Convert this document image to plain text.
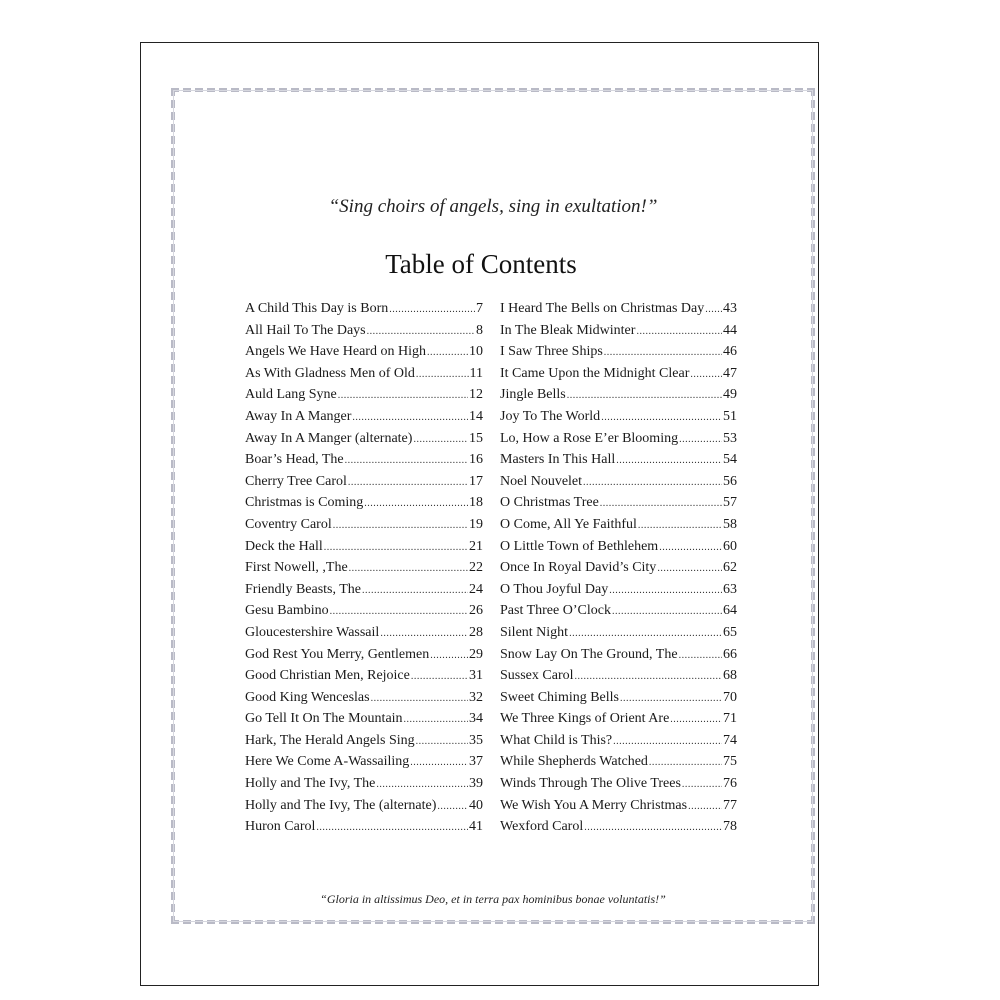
“Sing choirs of angels, sing in exultation!”
Table of Contents
A Child This Day is Born .....	7
All Hail To The Days .....	8
Angels We Have Heard on High .....	10
As With Gladness Men of Old .....	11
Auld Lang Syne .....	12
Away In A Manger .....	14
Away In A Manger (alternate) .....	15
Boar’s Head, The .....	16
Cherry Tree Carol .....	17
Christmas is Coming .....	18
Coventry Carol .....	19
Deck the Hall .....	21
First Nowell, ,The .....	22
Friendly Beasts, The .....	24
Gesu Bambino .....	26
Gloucestershire Wassail .....	28
God Rest You Merry, Gentlemen .....	29
Good Christian Men, Rejoice .....	31
Good King Wenceslas .....	32
Go Tell It On The Mountain .....	34
Hark, The Herald Angels Sing .....	35
Here We Come A-Wassailing .....	37
Holly and The Ivy, The .....	39
Holly and The Ivy, The (alternate) ..... 40
Huron Carol .....	41
I Heard The Bells on Christmas Day ..... 43
In The Bleak Midwinter .....	44
I Saw Three Ships .....	46
It Came Upon the Midnight Clear ..... 47
Jingle Bells .....	49
Joy To The World .....	51
Lo, How a Rose E’er Blooming .....	53
Masters In This Hall .....	54
Noel Nouvelet .....	56
O Christmas Tree .....	57
O Come, All Ye Faithful .....	58
O Little Town of Bethlehem .....	60
Once In Royal David’s City .....	62
O Thou Joyful Day .....	63
Past Three O’Clock .....	64
Silent Night .....	65
Snow Lay On The Ground, The .....	66
Sussex Carol .....	68
Sweet Chiming Bells .....	70
We Three Kings of Orient Are .....	71
What Child is This? .....	74
While Shepherds Watched .....	75
Winds Through The Olive Trees .....	76
We Wish You A Merry Christmas .....	77
Wexford Carol .....	78
“Gloria in altissimus Deo, et in terra pax hominibus bonae voluntatis!”
